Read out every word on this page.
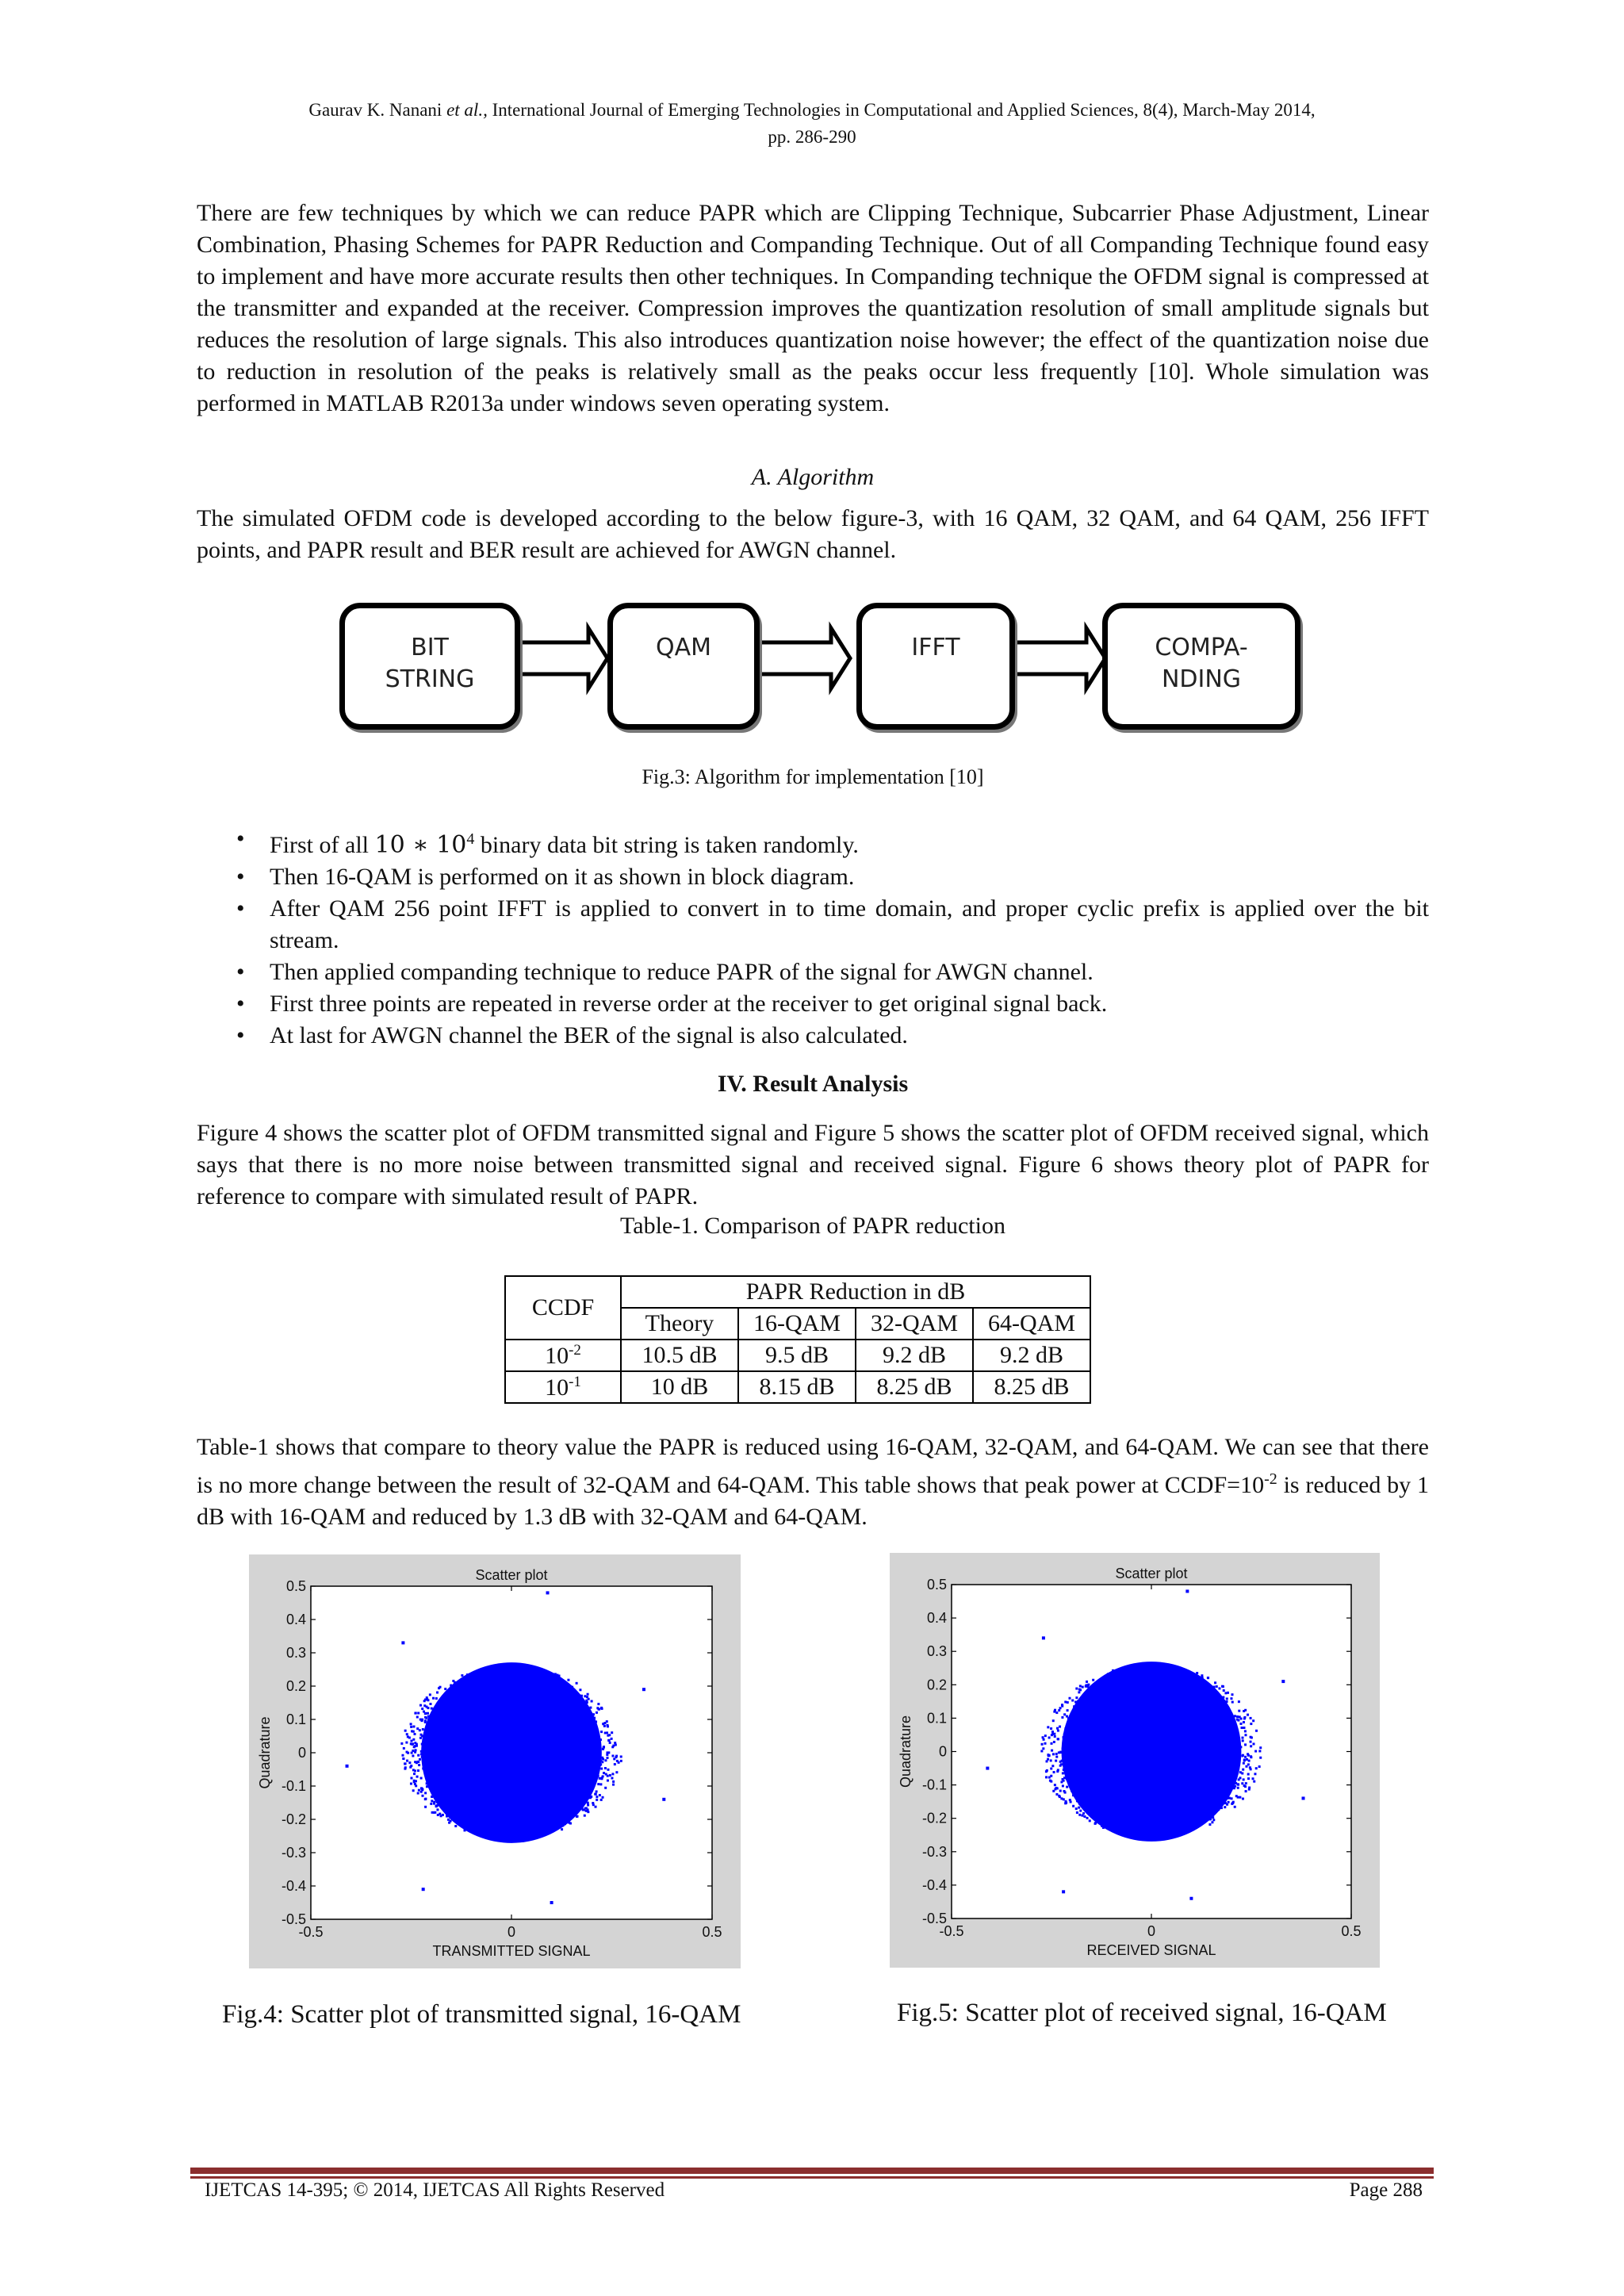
Gaurav K. Nanani et al., International Journal of Emerging Technologies in Computational and Applied Sciences, 8(4), March-May 2014,
pp. 286-290

There are few techniques by which we can reduce PAPR which are Clipping Technique, Subcarrier Phase Adjustment, Linear Combination, Phasing Schemes for PAPR Reduction and Companding Technique. Out of all Companding Technique found easy to implement and have more accurate results then other techniques. In Companding technique the OFDM signal is compressed at the transmitter and expanded at the receiver. Compression improves the quantization resolution of small amplitude signals but reduces the resolution of large signals. This also introduces quantization noise however; the effect of the quantization noise due to reduction in resolution of the peaks is relatively small as the peaks occur less frequently [10]. Whole simulation was performed in MATLAB R2013a under windows seven operating system.

A. Algorithm

The simulated OFDM code is developed according to the below figure-3, with 16 QAM, 32 QAM, and 64 QAM, 256 IFFT points, and PAPR result and BER result are achieved for AWGN channel.

BIT
STRING
QAM	IFFT	COMPA-
NDING
Fig.3: Algorithm for implementation [10]
• First of all 10 ∗ $10^4$ binary data bit string is taken randomly.
• Then 16-QAM is performed on it as shown in block diagram.
• After QAM 256 point IFFT is applied to convert in to time domain, and proper cyclic prefix is applied over the bit stream.
• Then applied companding technique to reduce PAPR of the signal for AWGN channel.
• First three points are repeated in reverse order at the receiver to get original signal back.
• At last for AWGN channel the BER of the signal is also calculated.
IV. Result Analysis

Figure 4 shows the scatter plot of OFDM transmitted signal and Figure 5 shows the scatter plot of OFDM received signal, which says that there is no more noise between transmitted signal and received signal. Figure 6 shows theory plot of PAPR for reference to compare with simulated result of PAPR.

Table-1. Comparison of PAPR reduction
CCDF	PAPR Reduction in dB			
	Theory	16-QAM	32-QAM	64-QAM
$10^{-2}$	10.5 dB	9.5 dB	9.2 dB	9.2 dB
$10^{-1}$	10 dB	8.15 dB	8.25 dB	8.25 dB

Table-1 shows that compare to theory value the PAPR is reduced using 16-QAM, 32-QAM, and 64-QAM. We can see that there is no more change between the result of 32-QAM and 64-QAM. This table shows that peak power at $CCDF=10^{-2}$ is reduced by 1 dB with 16-QAM and reduced by 1.3 dB with 32-QAM and 64-QAM.

Scatter plot
0.5
0.4
0.3
0.2
0.1
0
-0.1
-0.2
-0.3
-0.4
-0.5
-0.5	0	0.5
TRANSMITTED SIGNAL
Quadrature
Scatter plot
0.5
0.4
0.3
0.2
0.1
0
-0.1
-0.2
-0.3
-0.4
-0.5
-0.5	0	0.5
RECEIVED SIGNAL
Quadrature
Fig.4: Scatter plot of transmitted signal, 16-QAM	Fig.5: Scatter plot of received signal, 16-QAM
IJETCAS 14-395; © 2014, IJETCAS All Rights Reserved	Page 288
